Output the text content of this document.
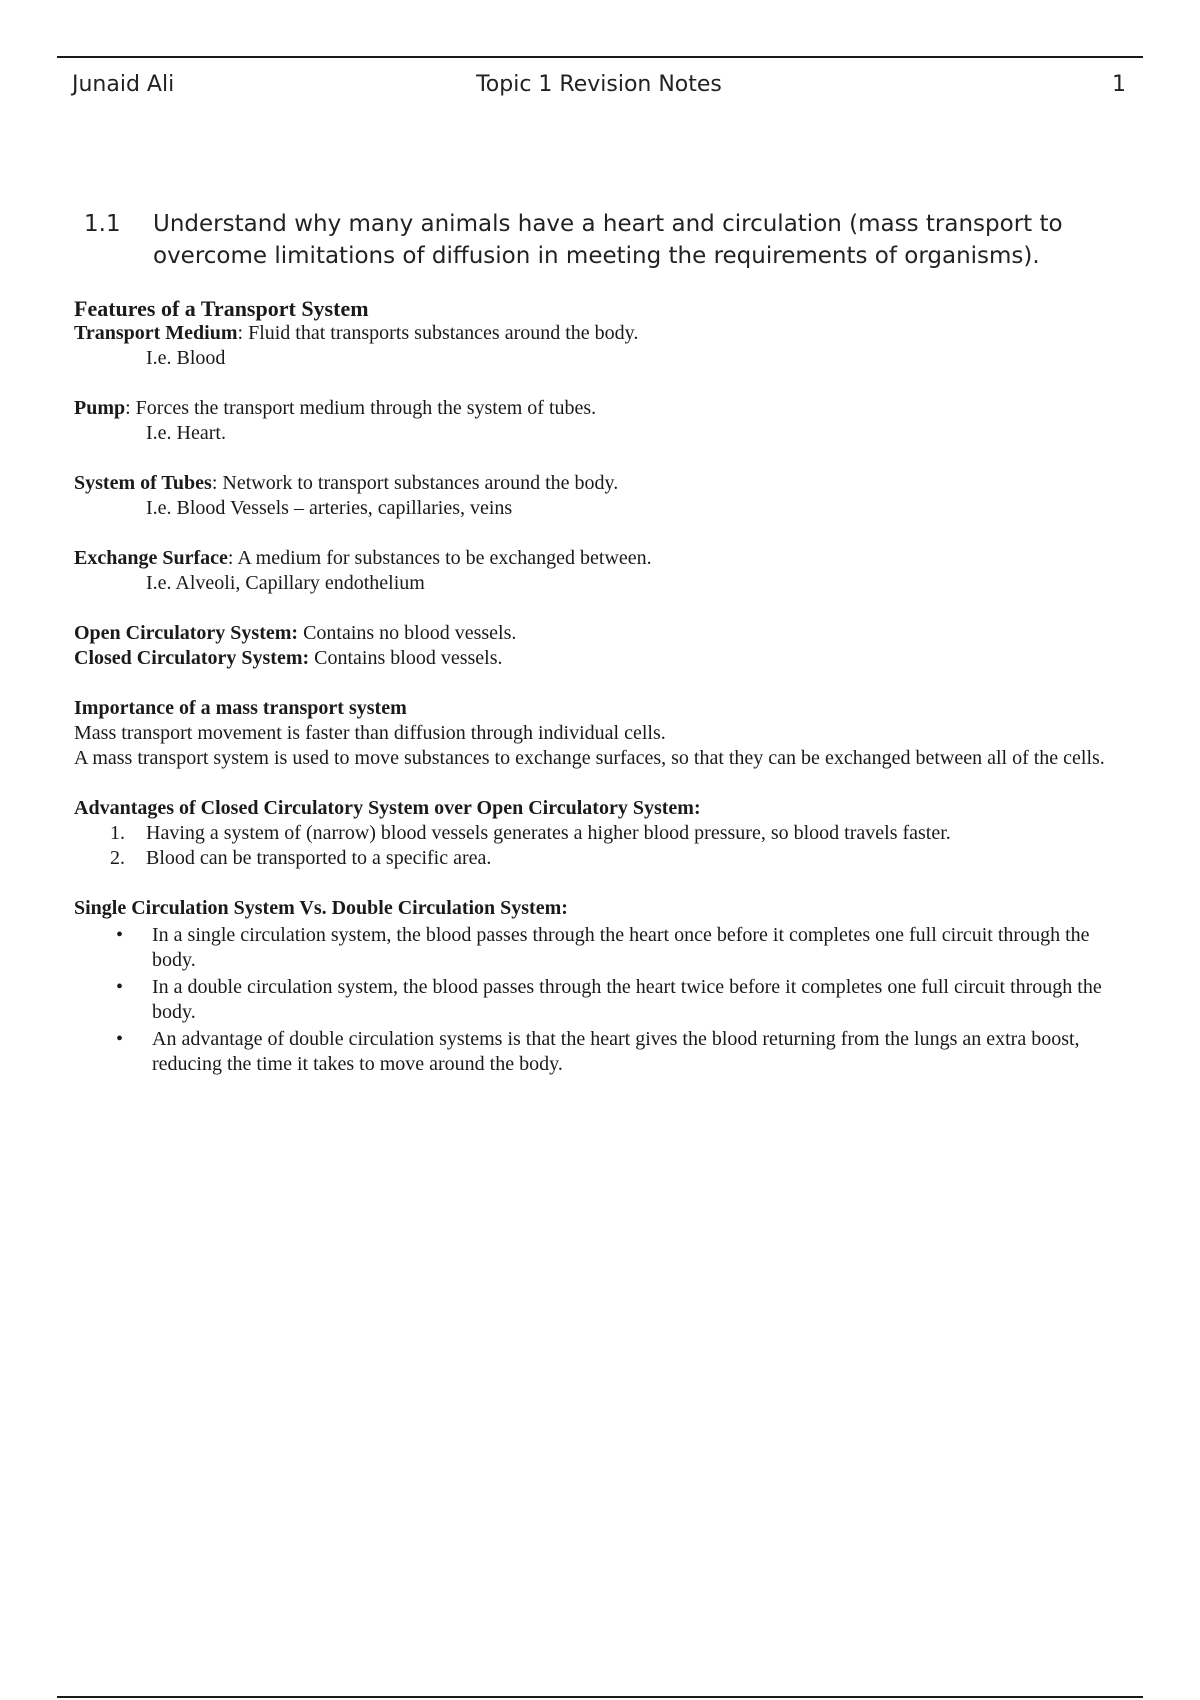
Junaid Ali	Topic 1 Revision Notes	1
1.1 Understand why many animals have a heart and circulation (mass transport to overcome limitations of diffusion in meeting the requirements of organisms).

Features of a Transport System

Transport Medium: Fluid that transports substances around the body.

I.e. Blood

Pump: Forces the transport medium through the system of tubes.

I.e. Heart.

System of Tubes: Network to transport substances around the body.

I.e. Blood Vessels – arteries, capillaries, veins

Exchange Surface: A medium for substances to be exchanged between.

I.e. Alveoli, Capillary endothelium

Open Circulatory System: Contains no blood vessels.

Closed Circulatory System: Contains blood vessels.

Importance of a mass transport system

Mass transport movement is faster than diffusion through individual cells.

A mass transport system is used to move substances to exchange surfaces, so that they can be exchanged between all of the cells.

Advantages of Closed Circulatory System over Open Circulatory System:

1. Having a system of (narrow) blood vessels generates a higher blood pressure, so blood travels faster.
2. Blood can be transported to a specific area.

Single Circulation System Vs. Double Circulation System:

• In a single circulation system, the blood passes through the heart once before it completes one full circuit through the body.
• In a double circulation system, the blood passes through the heart twice before it completes one full circuit through the body.
• An advantage of double circulation systems is that the heart gives the blood returning from the lungs an extra boost, reducing the time it takes to move around the body.
